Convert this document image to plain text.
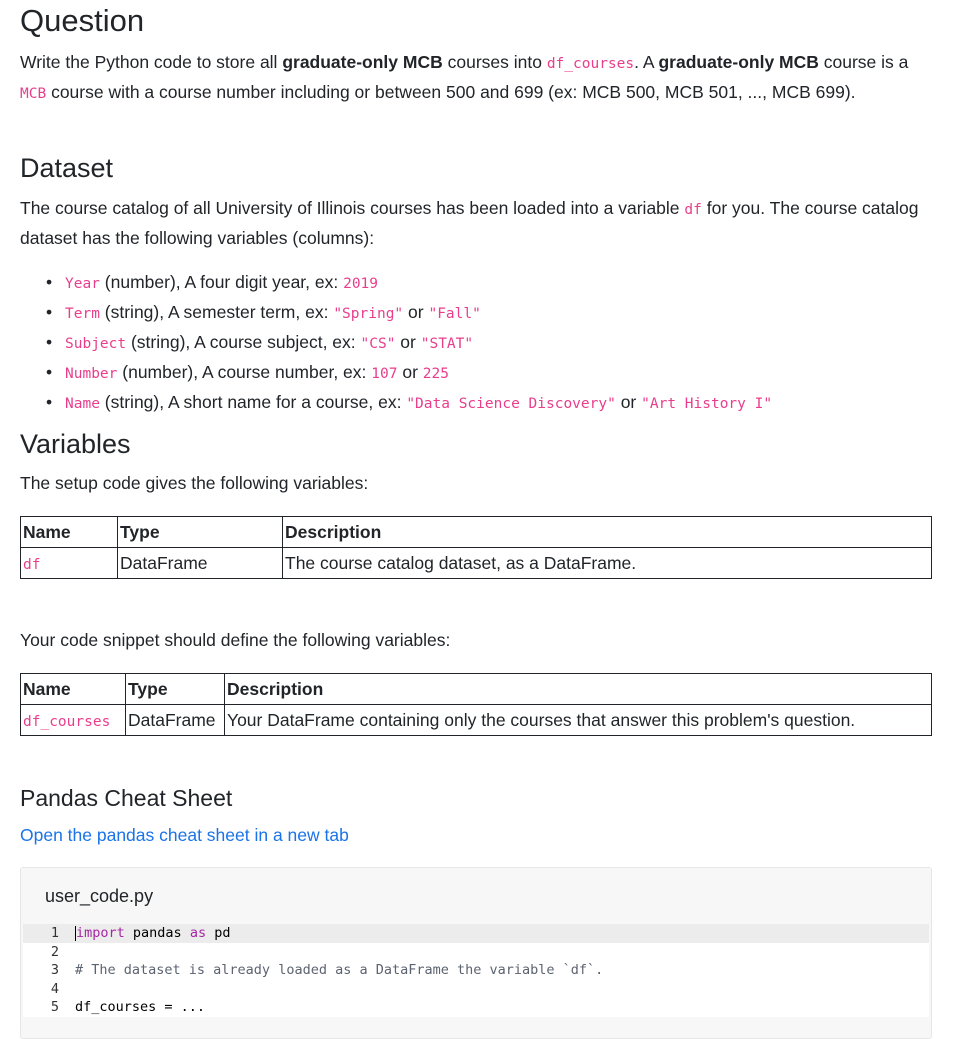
Question

Write the Python code to store all graduate-only MCB courses into df_courses. A graduate-only MCB course is a MCB course with a course number including or between 500 and 699 (ex: MCB 500, MCB 501, ..., MCB 699).

Dataset

The course catalog of all University of Illinois courses has been loaded into a variable df for you. The course catalog dataset has the following variables (columns):

• Year (number), A four digit year, ex: 2019
• Term (string), A semester term, ex: "Spring" or "Fall"
• Subject (string), A course subject, ex: "CS" or "STAT"
• Number (number), A course number, ex: 107 or 225
• Name (string), A short name for a course, ex: "Data Science Discovery" or "Art History I"
Variables

The setup code gives the following variables:

Name	Type	Description
df	DataFrame	The course catalog dataset, as a DataFrame.

Your code snippet should define the following variables:

Name	Type	Description
df_courses	DataFrame	Your DataFrame containing only the courses that answer this problem's question.
Pandas Cheat Sheet
Open the pandas cheat sheet in a new tab
user_code.py
1 import pandas as pd
2
3 # The dataset is already loaded as a DataFrame the variable `df`.
4
5 df_courses = ...
